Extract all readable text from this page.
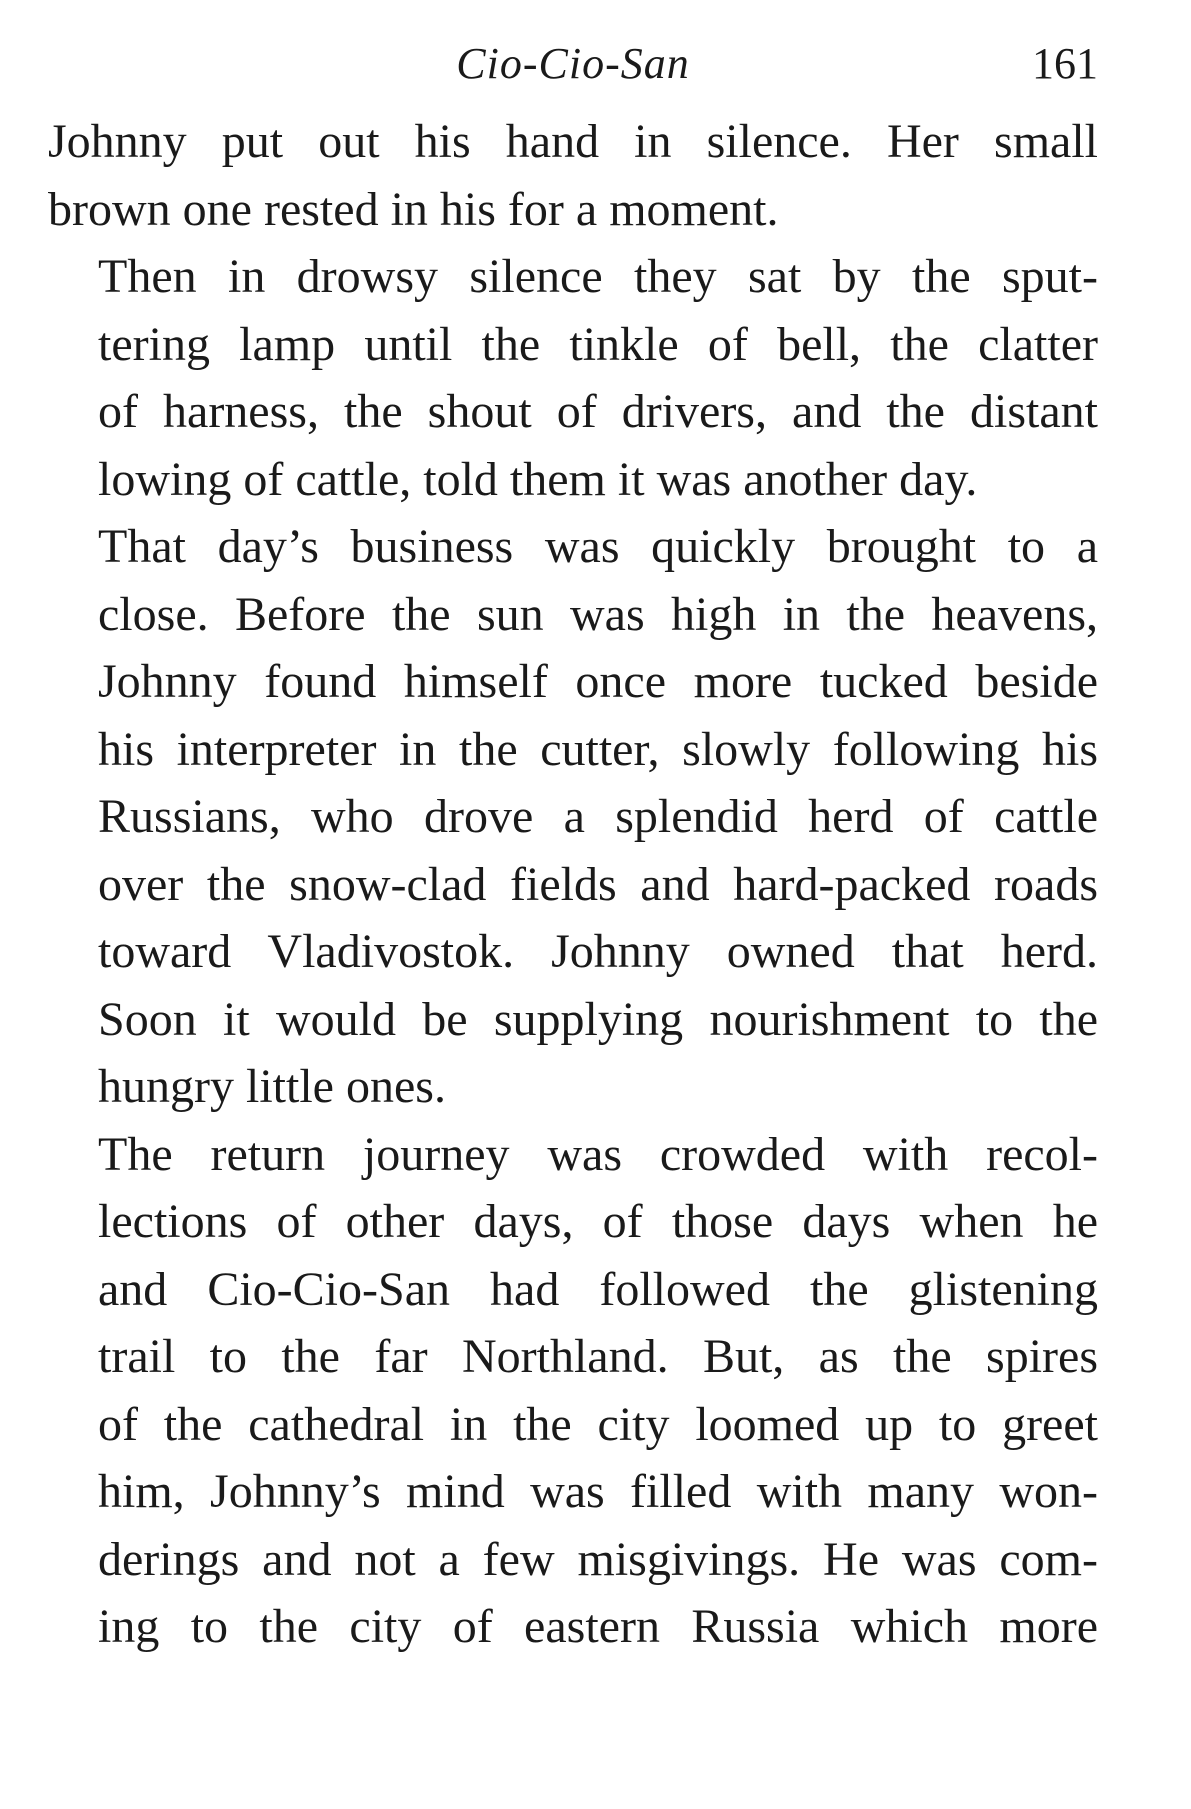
Cio-Cio-San	161

Johnny put out his hand in silence. Her small
brown one rested in his for a moment.

Then in drowsy silence they sat by the sput-
tering lamp until the tinkle of bell, the clatter
of harness, the shout of drivers, and the distant
lowing of cattle, told them it was another day.

That day’s business was quickly brought to a
close. Before the sun was high in the heavens,
Johnny found himself once more tucked beside
his interpreter in the cutter, slowly following his
Russians, who drove a splendid herd of cattle
over the snow-clad fields and hard-packed roads
toward Vladivostok. Johnny owned that herd.
Soon it would be supplying nourishment to the
hungry little ones.

The return journey was crowded with recol-
lections of other days, of those days when he
and Cio-Cio-San had followed the glistening
trail to the far Northland. But, as the spires
of the cathedral in the city loomed up to greet
him, Johnny’s mind was filled with many won-
derings and not a few misgivings. He was com-
ing to the city of eastern Russia which more
